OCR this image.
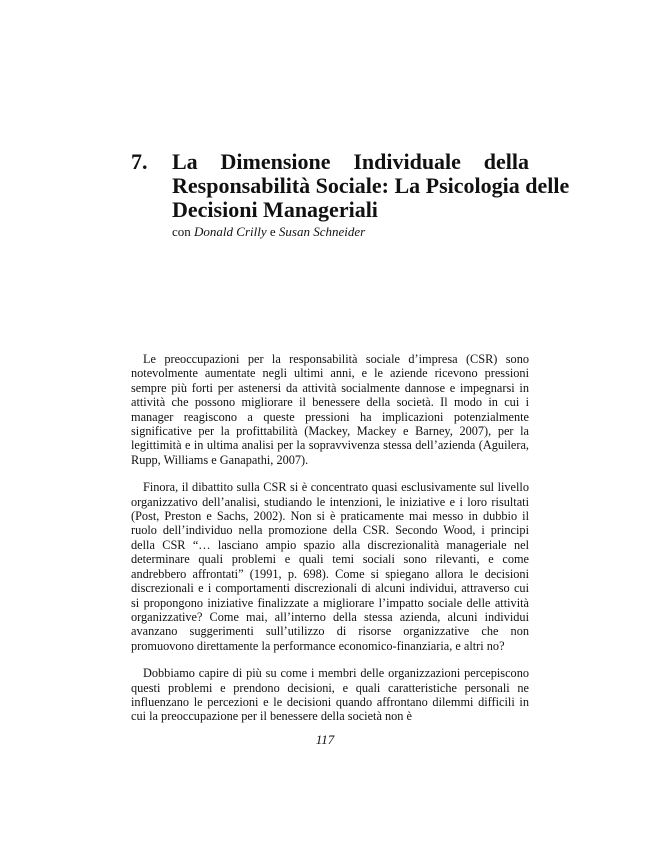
7. La Dimensione Individuale della
Responsabilità Sociale: La Psicologia delle
Decisioni Manageriali
con Donald Crilly e Susan Schneider

Le preoccupazioni per la responsabilità sociale d’impresa (CSR) sono notevolmente aumentate negli ultimi anni, e le aziende ricevono pressioni sempre più forti per astenersi da attività socialmente dannose e impegnarsi in attività che possono migliorare il benessere della società. Il modo in cui i manager reagiscono a queste pressioni ha implicazioni potenzialmente significative per la profittabilità (Mackey, Mackey e Barney, 2007), per la legittimità e in ultima analisi per la sopravvivenza stessa dell’azienda (Aguilera, Rupp, Williams e Ganapathi, 2007).

Finora, il dibattito sulla CSR si è concentrato quasi esclusivamente sul livello organizzativo dell’analisi, studiando le intenzioni, le iniziative e i loro risultati (Post, Preston e Sachs, 2002). Non si è praticamente mai messo in dubbio il ruolo dell’individuo nella promozione della CSR. Secondo Wood, i principi della CSR “… lasciano ampio spazio alla discrezionalità manageriale nel determinare quali problemi e quali temi sociali sono rilevanti, e come andrebbero affrontati” (1991, p. 698). Come si spiegano allora le decisioni discrezionali e i comportamenti discrezionali di alcuni individui, attraverso cui si propongono iniziative finalizzate a migliorare l’impatto sociale delle attività organizzative? Come mai, all’interno della stessa azienda, alcuni individui avanzano suggerimenti sull’utilizzo di risorse organizzative che non promuovono direttamente la performance economico-finanziaria, e altri no?

Dobbiamo capire di più su come i membri delle organizzazioni percepiscono questi problemi e prendono decisioni, e quali caratteristiche personali ne influenzano le percezioni e le decisioni quando affrontano dilemmi difficili in cui la preoccupazione per il benessere della società non è

117
